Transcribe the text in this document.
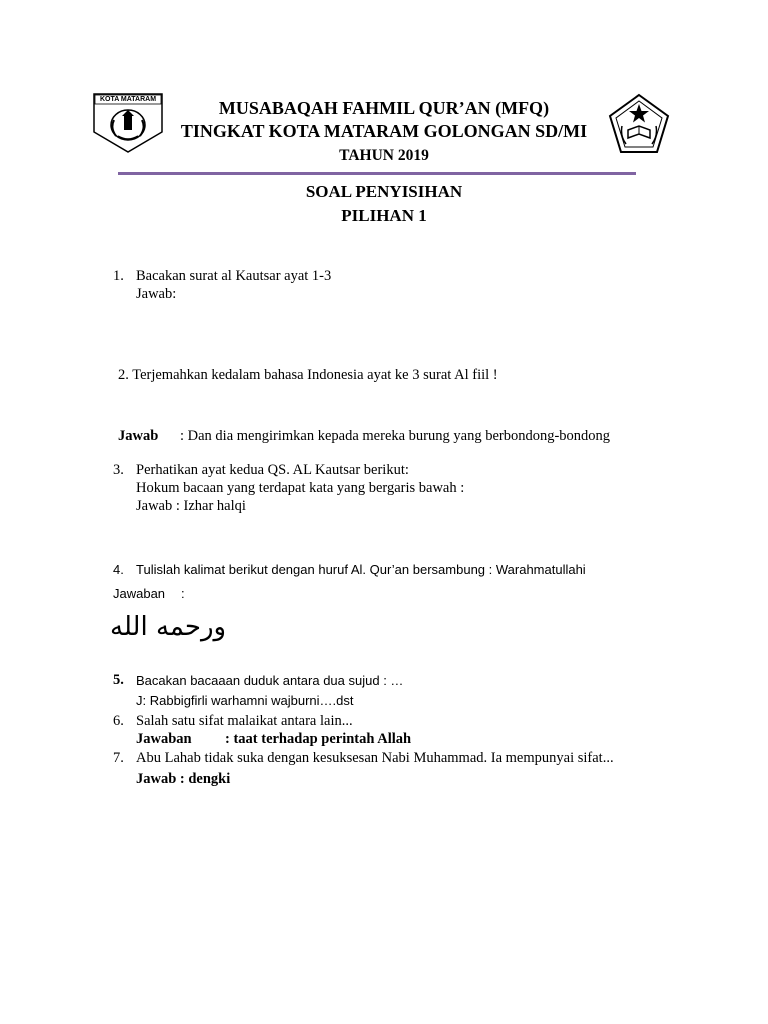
KOTA MATARAM	MUSABAQAH FAHMIL QUR’AN (MFQ)
TINGKAT KOTA MATARAM GOLONGAN SD/MI
TAHUN 2019
SOAL PENYISIHAN
PILIHAN 1
1. Bacakan surat al Kautsar ayat 1-3
Jawab:
2. Terjemahkan kedalam bahasa Indonesia ayat ke 3 surat Al fiil !
Jawab : Dan dia mengirimkan kepada mereka burung yang berbondong-bondong
3. Perhatikan ayat kedua QS. AL Kautsar berikut:
Hokum bacaan yang terdapat kata yang bergaris bawah :
Jawab : Izhar halqi
4. Tulislah kalimat berikut dengan huruf Al. Qur’an bersambung : Warahmatullahi
Jawaban :
ورحمه الله
5. Bacakan bacaaan duduk antara dua sujud : …
J: Rabbigfirli warhamni wajburni….dst
6. Salah satu sifat malaikat antara lain...
Jawaban : taat terhadap perintah Allah
7. Abu Lahab tidak suka dengan kesuksesan Nabi Muhammad. Ia mempunyai sifat...
Jawab : dengki
